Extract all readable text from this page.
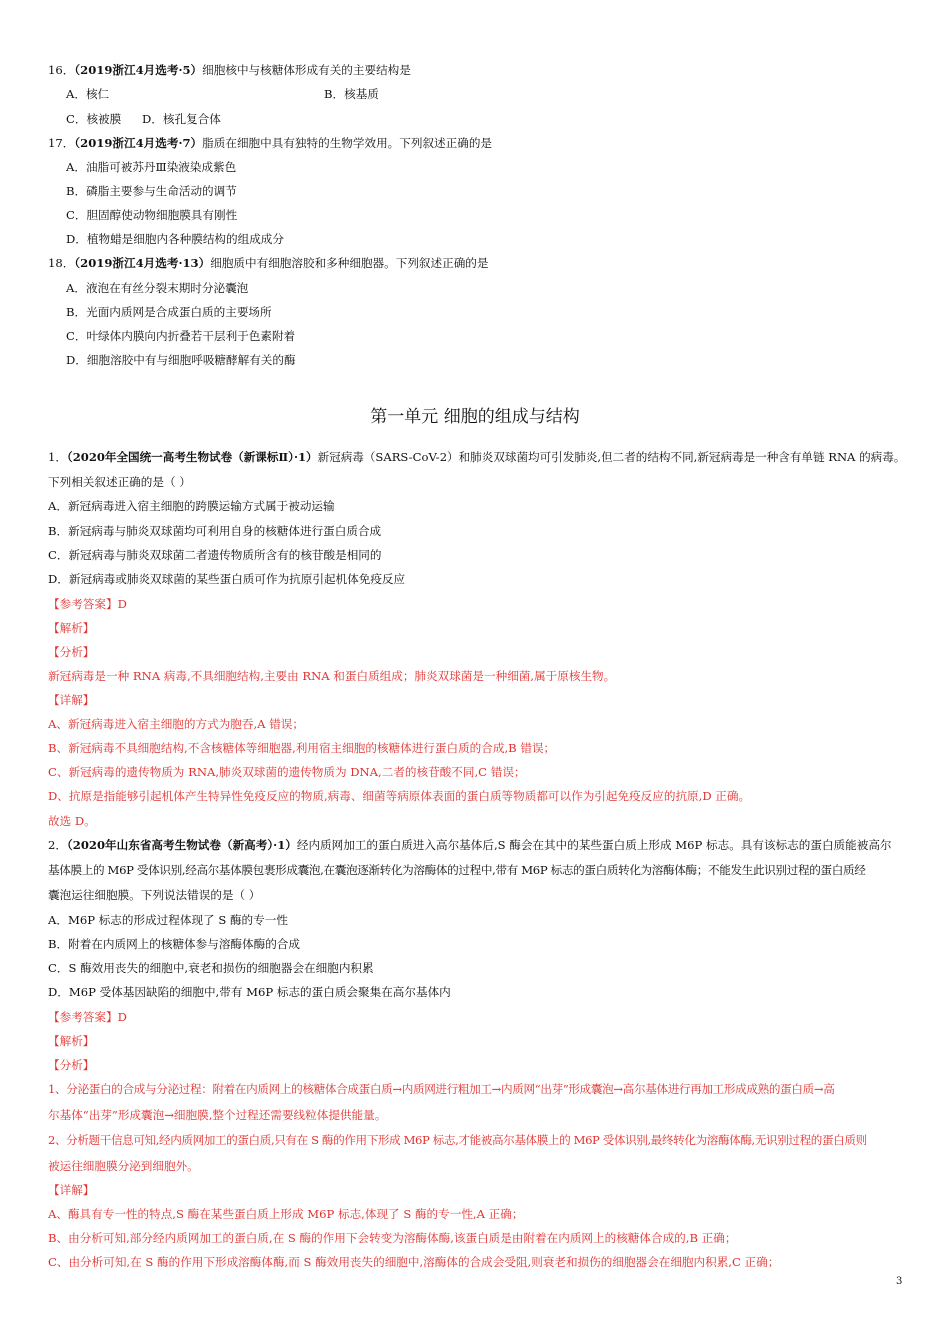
16．（2019浙江4月选考·5）细胞核中与核糖体形成有关的主要结构是
A．核仁	B．核基质
C．核被膜 D．核孔复合体
17．（2019浙江4月选考·7）脂质在细胞中具有独特的生物学效用。下列叙述正确的是
A．油脂可被苏丹Ⅲ染液染成紫色
B．磷脂主要参与生命活动的调节
C．胆固醇使动物细胞膜具有刚性
D．植物蜡是细胞内各种膜结构的组成成分
18．（2019浙江4月选考·13）细胞质中有细胞溶胶和多种细胞器。下列叙述正确的是
A．液泡在有丝分裂末期时分泌囊泡
B．光面内质网是合成蛋白质的主要场所
C．叶绿体内膜向内折叠若干层利于色素附着
D．细胞溶胶中有与细胞呼吸糖酵解有关的酶
第一单元 细胞的组成与结构
1．（2020年全国统一高考生物试卷（新课标Ⅱ）·1）新冠病毒（SARS-CoV-2）和肺炎双球菌均可引发肺炎,但二者的结构不同,新冠病毒是一种含有单链 RNA 的病毒。
下列相关叙述正确的是（ ）
A．新冠病毒进入宿主细胞的跨膜运输方式属于被动运输
B．新冠病毒与肺炎双球菌均可利用自身的核糖体进行蛋白质合成
C．新冠病毒与肺炎双球菌二者遗传物质所含有的核苷酸是相同的
D．新冠病毒或肺炎双球菌的某些蛋白质可作为抗原引起机体免疫反应
【参考答案】D
【解析】
【分析】
新冠病毒是一种 RNA 病毒,不具细胞结构,主要由 RNA 和蛋白质组成；肺炎双球菌是一种细菌,属于原核生物。
【详解】
A、新冠病毒进入宿主细胞的方式为胞吞,A 错误；
B、新冠病毒不具细胞结构,不含核糖体等细胞器,利用宿主细胞的核糖体进行蛋白质的合成,B 错误；
C、新冠病毒的遗传物质为 RNA,肺炎双球菌的遗传物质为 DNA,二者的核苷酸不同,C 错误；
D、抗原是指能够引起机体产生特异性免疫反应的物质,病毒、细菌等病原体表面的蛋白质等物质都可以作为引起免疫反应的抗原,D 正确。
故选 D。
2．（2020年山东省高考生物试卷（新高考）·1）经内质网加工的蛋白质进入高尔基体后,S 酶会在其中的某些蛋白质上形成 M6P 标志。具有该标志的蛋白质能被高尔
基体膜上的 M6P 受体识别,经高尔基体膜包裹形成囊泡,在囊泡逐渐转化为溶酶体的过程中,带有 M6P 标志的蛋白质转化为溶酶体酶；不能发生此识别过程的蛋白质经
囊泡运往细胞膜。下列说法错误的是（ ）
A．M6P 标志的形成过程体现了 S 酶的专一性
B．附着在内质网上的核糖体参与溶酶体酶的合成
C．S 酶效用丧失的细胞中,衰老和损伤的细胞器会在细胞内积累
D．M6P 受体基因缺陷的细胞中,带有 M6P 标志的蛋白质会聚集在高尔基体内
【参考答案】D
【解析】
【分析】
1、分泌蛋白的合成与分泌过程：附着在内质网上的核糖体合成蛋白质→内质网进行粗加工→内质网“出芽”形成囊泡→高尔基体进行再加工形成成熟的蛋白质→高
尔基体“出芽”形成囊泡→细胞膜,整个过程还需要线粒体提供能量。
2、分析题干信息可知,经内质网加工的蛋白质,只有在 S 酶的作用下形成 M6P 标志,才能被高尔基体膜上的 M6P 受体识别,最终转化为溶酶体酶,无识别过程的蛋白质则
被运往细胞膜分泌到细胞外。
【详解】
A、酶具有专一性的特点,S 酶在某些蛋白质上形成 M6P 标志,体现了 S 酶的专一性,A 正确；
B、由分析可知,部分经内质网加工的蛋白质,在 S 酶的作用下会转变为溶酶体酶,该蛋白质是由附着在内质网上的核糖体合成的,B 正确；
C、由分析可知,在 S 酶的作用下形成溶酶体酶,而 S 酶效用丧失的细胞中,溶酶体的合成会受阻,则衰老和损伤的细胞器会在细胞内积累,C 正确；
3
